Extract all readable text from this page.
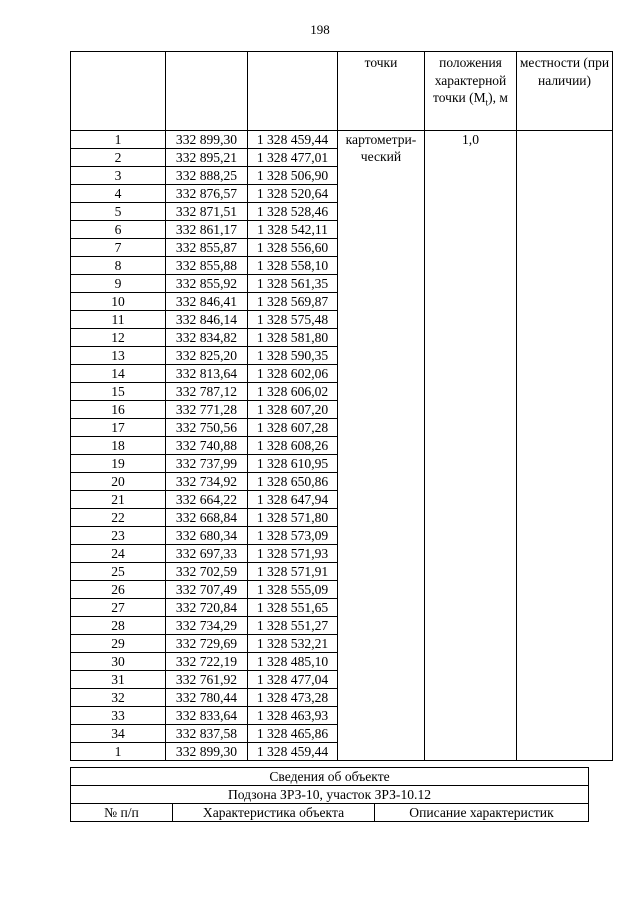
198
			точки	положения характерной точки $(M_t)$, м	местности (при наличии)
1	332 899,30	1 328 459,44	картометри-ческий	1,0	
2	332 895,21	1 328 477,01			
3	332 888,25	1 328 506,90			
4	332 876,57	1 328 520,64			
5	332 871,51	1 328 528,46			
6	332 861,17	1 328 542,11			
7	332 855,87	1 328 556,60			
8	332 855,88	1 328 558,10			
9	332 855,92	1 328 561,35			
10	332 846,41	1 328 569,87			
11	332 846,14	1 328 575,48			
12	332 834,82	1 328 581,80			
13	332 825,20	1 328 590,35			
14	332 813,64	1 328 602,06			
15	332 787,12	1 328 606,02			
16	332 771,28	1 328 607,20			
17	332 750,56	1 328 607,28			
18	332 740,88	1 328 608,26			
19	332 737,99	1 328 610,95			
20	332 734,92	1 328 650,86			
21	332 664,22	1 328 647,94			
22	332 668,84	1 328 571,80			
23	332 680,34	1 328 573,09			
24	332 697,33	1 328 571,93			
25	332 702,59	1 328 571,91			
26	332 707,49	1 328 555,09			
27	332 720,84	1 328 551,65			
28	332 734,29	1 328 551,27			
29	332 729,69	1 328 532,21			
30	332 722,19	1 328 485,10			
31	332 761,92	1 328 477,04			
32	332 780,44	1 328 473,28			
33	332 833,64	1 328 463,93			
34	332 837,58	1 328 465,86			
1	332 899,30	1 328 459,44			
Сведения об объекте
Подзона ЗРЗ-10, участок ЗРЗ-10.12
№ п/п	Характеристика объекта	Описание характеристик
